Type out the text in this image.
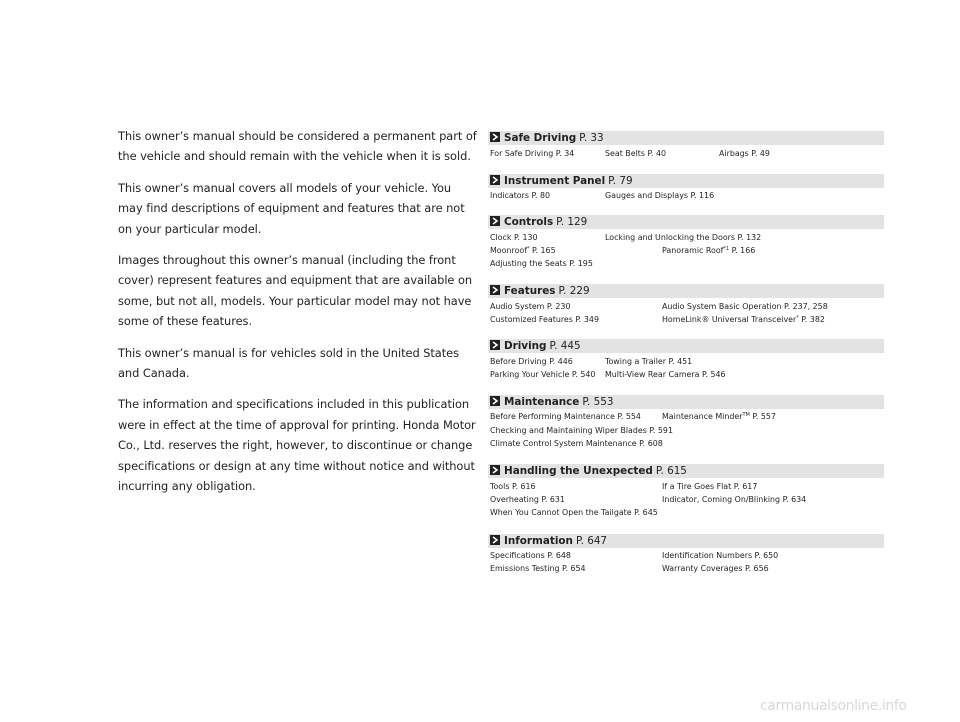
This owner’s manual should be considered a permanent part of the vehicle and should remain with the vehicle when it is sold.

This owner’s manual covers all models of your vehicle. You may find descriptions of equipment and features that are not on your particular model.

Images throughout this owner’s manual (including the front cover) represent features and equipment that are available on some, but not all, models. Your particular model may not have some of these features.

This owner’s manual is for vehicles sold in the United States and Canada.

The information and specifications included in this publication were in effect at the time of approval for printing. Honda Motor Co., Ltd. reserves the right, however, to discontinue or change specifications or design at any time without notice and without incurring any obligation.

Safe Driving P. 33
For Safe Driving P. 34	Seat Belts P. 40	Airbags P. 49
Instrument Panel P. 79
Indicators P. 80	Gauges and Displays P. 116
Controls P. 129
Clock P. 130	Locking and Unlocking the Doors P. 132
Moonroof* P. 165	Panoramic Roof$^{*1}$ P. 166
Adjusting the Seats P. 195
Features P. 229
Audio System P. 230	Audio System Basic Operation P. 237, 258
Customized Features P. 349	HomeLink® Universal Transceiver* P. 382
Driving P. 445
Before Driving P. 446	Towing a Trailer P. 451
Parking Your Vehicle P. 540 Multi-View Rear Camera P. 546
Maintenance P. 553
Before Performing Maintenance P. 554	Maintenance Minder™ P. 557
Checking and Maintaining Wiper Blades P. 591
Climate Control System Maintenance P. 608
Handling the Unexpected P. 615
Tools P. 616	If a Tire Goes Flat P. 617
Overheating P. 631	Indicator, Coming On/Blinking P. 634
When You Cannot Open the Tailgate P. 645
Information P. 647
Specifications P. 648	Identification Numbers P. 650
Emissions Testing P. 654	Warranty Coverages P. 656
carmanualsonline.info
